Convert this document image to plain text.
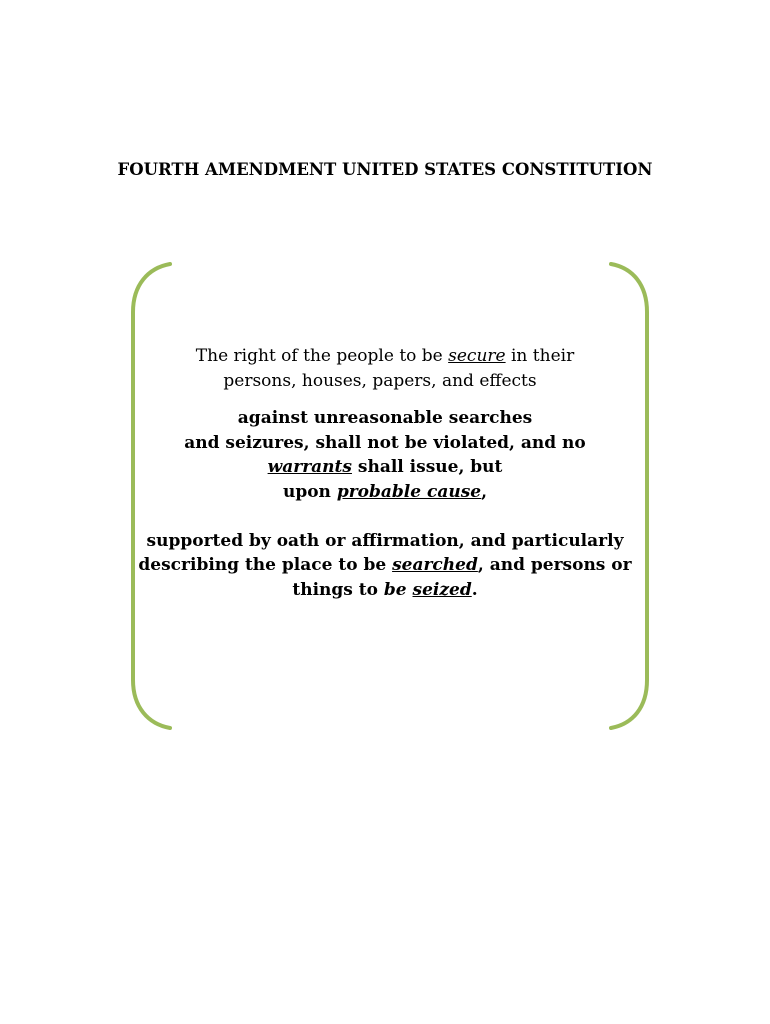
FOURTH AMENDMENT UNITED STATES CONSTITUTION

The right of the people to be secure in their

persons, houses, papers, and effects

against unreasonable searches

and seizures, shall not be violated, and no

warrants shall issue, but

upon probable cause,

supported by oath or affirmation, and particularly

describing the place to be searched, and persons or

things to be seized.
